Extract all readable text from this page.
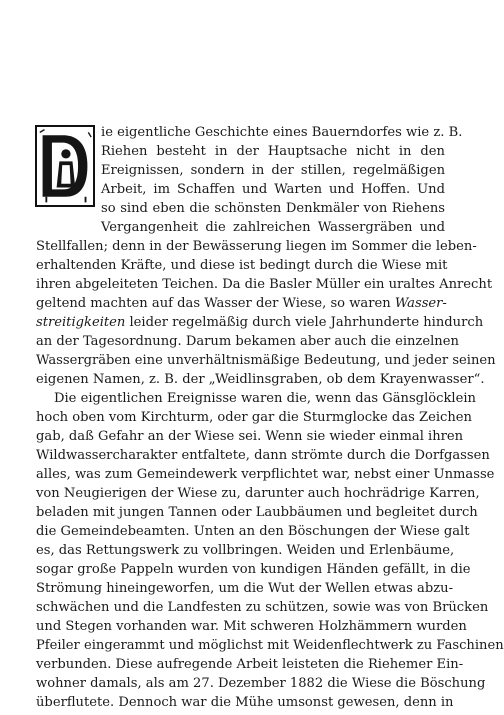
ie eigentliche Geschichte eines Bauerndorfes wie z. B.
Riehen besteht in der Hauptsache nicht in den
Ereignissen, sondern in der stillen, regelmäßigen
Arbeit, im Schaffen und Warten und Hoffen. Und
so sind eben die schönsten Denkmäler von Riehens
Vergangenheit die zahlreichen Wassergräben und
Stellfallen; denn in der Bewässerung liegen im Sommer die leben-
erhaltenden Kräfte, und diese ist bedingt durch die Wiese mit
ihren abgeleiteten Teichen. Da die Basler Müller ein uraltes Anrecht
geltend machten auf das Wasser der Wiese, so waren Wasser-
streitigkeiten leider regelmäßig durch viele Jahrhunderte hindurch
an der Tagesordnung. Darum bekamen aber auch die einzelnen
Wassergräben eine unverhältnismäßige Bedeutung, und jeder seinen
eigenen Namen, z. B. der „Weidlinsgraben, ob dem Krayenwasser“.
Die eigentlichen Ereignisse waren die, wenn das Gänsglöcklein
hoch oben vom Kirchturm, oder gar die Sturmglocke das Zeichen
gab, daß Gefahr an der Wiese sei. Wenn sie wieder einmal ihren
Wildwassercharakter entfaltete, dann strömte durch die Dorfgassen
alles, was zum Gemeindewerk verpflichtet war, nebst einer Unmasse
von Neugierigen der Wiese zu, darunter auch hochrädrige Karren,
beladen mit jungen Tannen oder Laubbäumen und begleitet durch
die Gemeindebeamten. Unten an den Böschungen der Wiese galt
es, das Rettungswerk zu vollbringen. Weiden und Erlenbäume,
sogar große Pappeln wurden von kundigen Händen gefällt, in die
Strömung hineingeworfen, um die Wut der Wellen etwas abzu-
schwächen und die Landfesten zu schützen, sowie was von Brücken
und Stegen vorhanden war. Mit schweren Holzhämmern wurden
Pfeiler eingerammt und möglichst mit Weidenflechtwerk zu Faschinen
verbunden. Diese aufregende Arbeit leisteten die Riehemer Ein-
wohner damals, als am 27. Dezember 1882 die Wiese die Böschung
überflutete. Dennoch war die Mühe umsonst gewesen, denn in
